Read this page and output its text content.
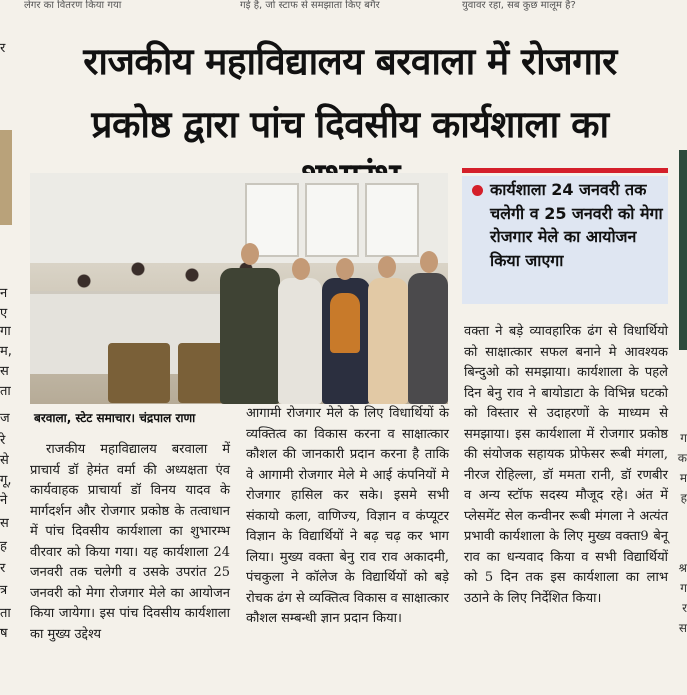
लेगर का वितरण किया गया	गई है, जो स्टाफ से समझाता किए बगैर	युवावर रहा, सब कुछ मालूम है?
र
न
ए
गा
म,
स
ता
ज
रे
से
गू,
ने
स
ह
र
त्र
ता
ष
ग
क
म
ह
श्र
ग
र
स
राजकीय महाविद्यालय बरवाला में रोजगार
प्रकोष्ठ द्वारा पांच दिवसीय कार्यशाला का
बरवाला, स्टेट समाचार। चंद्रपाल राणा
कार्यशाला 24 जनवरी तक चलेगी व 25 जनवरी को मेगा रोजगार मेले का आयोजन किया जाएगा
राजकीय महाविद्यालय बरवाला में प्राचार्य डॉ हेमंत वर्मा की अध्यक्षता एंव कार्यवाहक प्राचार्या डॉ विनय यादव के मार्गदर्शन और रोजगार प्रकोष्ठ के तत्वाधान में पांच दिवसीय कार्यशाला का शुभारम्भ वीरवार को किया गया। यह कार्यशाला 24 जनवरी तक चलेगी व उसके उपरांत 25 जनवरी को मेगा रोजगार मेले का आयोजन किया जायेगा। इस पांच दिवसीय कार्यशाला का मुख्य उद्देश्य
आगामी रोजगार मेले के लिए विधार्थियों के व्यक्तित्व का विकास करना व साक्षात्कार कौशल की जानकारी प्रदान करना है ताकि वे आगामी रोजगार मेले मे आई कंपनियों मे रोजगार हासिल कर सके। इसमे सभी संकायो कला, वाणिज्य, विज्ञान व कंप्यूटर विज्ञान के विद्यार्थियों ने बढ़ चढ़ कर भाग लिया। मुख्य वक्ता बेनु राव राव अकादमी, पंचकुला ने कॉलेज के विद्यार्थियों को बड़े रोचक ढंग से व्यक्तित्व विकास व साक्षात्कार कौशल सम्बन्धी ज्ञान प्रदान किया।
वक्ता ने बड़े व्यावहारिक ढंग से विधार्थियो को साक्षात्कार सफल बनाने मे आवश्यक बिन्दुओ को समझाया। कार्यशाला के पहले दिन बेनु राव ने बायोडाटा के विभिन्न घटको को विस्तार से उदाहरणों के माध्यम से समझाया। इस कार्यशाला में रोजगार प्रकोष्ठ की संयोजक सहायक प्रोफेसर रूबी मंगला, नीरज रोहिल्ला, डॉ ममता रानी, डॉ रणबीर व अन्य स्टॉफ सदस्य मौजूद रहे। अंत में प्लेसमेंट सेल कन्वीनर रूबी मंगला ने अत्यंत प्रभावी कार्यशाला के लिए मुख्य वक्ता9 बेनू राव का धन्यवाद किया व सभी विद्यार्थियों को 5 दिन तक इस कार्यशाला का लाभ उठाने के लिए निर्देशित किया।
